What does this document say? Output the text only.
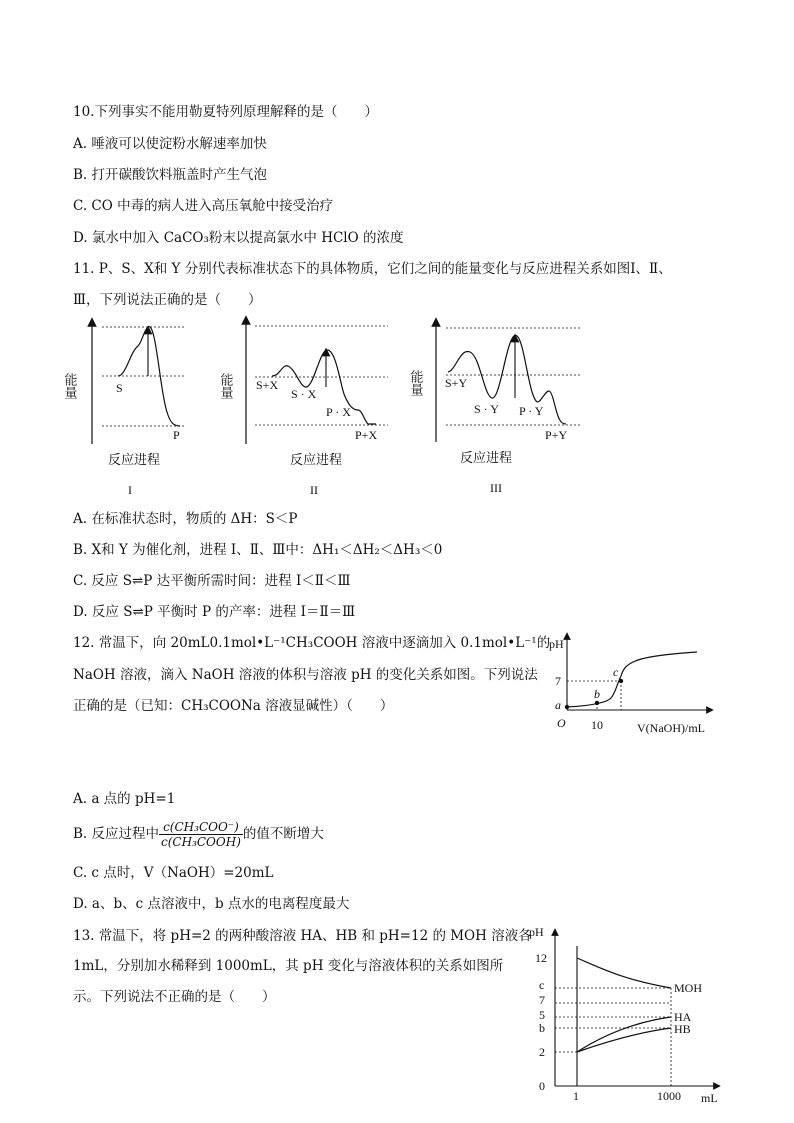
10.下列事实不能用勒夏特列原理解释的是（　　）
A. 唾液可以使淀粉水解速率加快
B. 打开碳酸饮料瓶盖时产生气泡
C. CO 中毒的病人进入高压氧舱中接受治疗
D. 氯水中加入 CaCO₃粉末以提高氯水中 HClO 的浓度
11. P、S、X和 Y 分别代表标准状态下的具体物质，它们之间的能量变化与反应进程关系如图Ⅰ、Ⅱ、
Ⅲ，下列说法正确的是（　　）
能量	S
P
反应进程
I
能量 S+X
S · X
P · X
P+X
反应进程
II
能量 S+Y
S · Y P · Y
P+Y
反应进程
III
A. 在标准状态时，物质的 ΔH：S＜P
B. X和 Y 为催化剂，进程 Ⅰ、Ⅱ、Ⅲ中：ΔH₁＜ΔH₂＜ΔH₃＜0
C. 反应 S⇌P 达平衡所需时间：进程 Ⅰ＜Ⅱ＜Ⅲ
D. 反应 S⇌P 平衡时 P 的产率：进程 Ⅰ＝Ⅱ＝Ⅲ
12. 常温下，向 20mL0.1mol•L⁻¹CH₃COOH 溶液中逐滴加入 0.1mol•L⁻¹的
NaOH 溶液，滴入 NaOH 溶液的体积与溶液 pH 的变化关系如图。下列说法
正确的是（已知：CH₃COONa 溶液显碱性）（　　）
pH
7
a
O 10	V(NaOH)/mL
b
c
A. a 点的 pH=1
B. 反应过程中 $\frac{\text{c(CH₃COO⁻)}}{\text{c(CH₃COOH)}}$ 的值不断增大
C. c 点时，V（NaOH）=20mL
D. a、b、c 点溶液中，b 点水的电离程度最大
13. 常温下，将 pH=2 的两种酸溶液 HA、HB 和 pH=12 的 MOH 溶液各
1mL，分别加水稀释到 1000mL，其 pH 变化与溶液体积的关系如图所
示。下列说法不正确的是（　　）
pH
12
c
7
5
b
2
0
1	1000 mL
MOH
HA
HB
